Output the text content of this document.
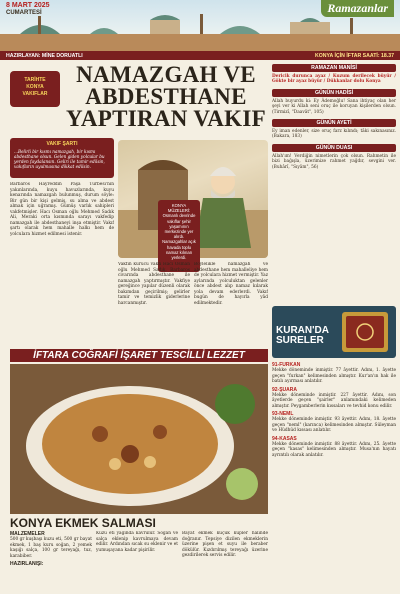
8 MART 2025
CUMARTESİ	Ramazanlar
HAZIRLAYAN: MİNE DORUATLI	KONYA İÇİN İFTAR SAATİ: 18.37
TARİHTE
KONYA
VAKIFLAR
NAMAZGAH VE ABDESTHANE YAPTIRAN VAKIF
RAMAZAN MANİSİ
Dericik durunca ayaz / Kuzum derilecek büyür / Gökte bir ayaz büyür / Dükkanlar dolu Konya
GÜNÜN HADİSİ
Allah buyurdu ki: Ey Âdemoğlu! Sana ihtiyaç olan her şeyi ver ki Allah seni oruç ile koruyan kişilerden olsun. (Tirmizî, "Daavât", 105)
GÜNÜN AYETİ
Ey iman edenler, size oruç farz kılındı; tâki sakınasınız. (Bakara, 183)
GÜNÜN DUASI
Allah'ım! Verdiğin nimetlerin çok olsun. Rahmetin ile bizi bağışla, üzerimize rahmet yağdır, sevgini ver. (Buhârî, "Sıyâm", 56)
VAKIF ŞARTI
...Belirli bir kısmı namazgah, bir kısmı abdesthane olsun. Gelen giden yolcular bu yerden faydalansın. Geliri ile tamir edilsin, vakıfların uyulmasına dikkat edilsin.
Barbaros Hayreddin Paşa Türbesi'nin yakınlarında, kuyu havuzlarında, kuyu kenarında namazgah bulunmuş, durum söyle: Bir gün bir kişi gelmiş, su alma ve abdest almak için uğramış. Gümüş varlık sahipleri vakfetmişler. Hacı Osman oğlu Mehmed Sadık Ali, Meraki orta kısmında sarayı vakfedip namazgah ile abdesthaneyi inşa etmiştir. Vakıf şartı olarak hem mahalle halkı hem de yolculara hizmet edilmesi istenir.
KONYA MÜZELERİ: Osmanlı devrinde vakıflar şehir yaşamının merkezinde yer alırdı. Namazgahlar açık havada toplu namaz kılınan yerlerdi.
Vakfın kurucu vakfı Hacı Osman oğlu Mehmed Sadık, Barbaros civarında abdesthane ile namazgah yaptırmıştır. Vakfiye gereğince yapılar düzenli olarak bakımdan geçirilmiş; gelirler tamir ve temizlik giderlerine harcanmıştır.
Böylelikle namazgah ve abdesthane hem mahalleliye hem de yolculara hizmet vermiştir. Yaz aylarında yolculuktan gelenler önce abdest alıp namaz kılarak yola devam ederlerdi. Vakıf bugün de hayırla yâd edilmektedir.
KURAN'DA
SURELER
91-FURKAN
Mekke döneminde inmiştir. 77 âyettir. Adını, 1. âyette geçen "furkan" kelimesinden almıştır. Kur'an'ın hak ile batılı ayırması anlatılır.
92-ŞUARA
Mekke döneminde inmiştir. 227 âyettir. Adını, son âyetlerde geçen "şairler" anlamındaki kelimeden almıştır. Peygamberlerin kıssaları ve tevhid konu edilir.
93-NEML
Mekke döneminde inmiştir. 93 âyettir. Adını, 18. âyette geçen "neml" (karınca) kelimesinden almıştır. Süleyman ve Hüdhüd kıssası anlatılır.
94-KASAS
Mekke döneminde inmiştir. 88 âyettir. Adını, 25. âyette geçen "kasas" kelimesinden almıştır. Musa'nın hayatı ayrıntılı olarak anlatılır.
İFTARA COĞRAFİ İŞARET TESCİLLİ LEZZET
KONYA EKMEK SALMASI
MALZEMELER
500 gr kuşbaşı kuzu eti, 500 gr bayat ekmek, 1 baş kuru soğan, 2 yemek kaşığı salça, 100 gr tereyağı, tuz, karabiber.
HAZIRLANIŞI:
Kuzu eti yağında kavrulur. Soğan ve salça eklenip kavrulmaya devam edilir. Ardından sıcak su eklenir ve et yumuşayana kadar pişirilir.
Bayat ekmek küçük küpler halinde doğranır. Tepsiye dizilen ekmeklerin üzerine pişen et suyu ile beraber dökülür. Kızdırılmış tereyağı üzerine gezdirilerek servis edilir.
